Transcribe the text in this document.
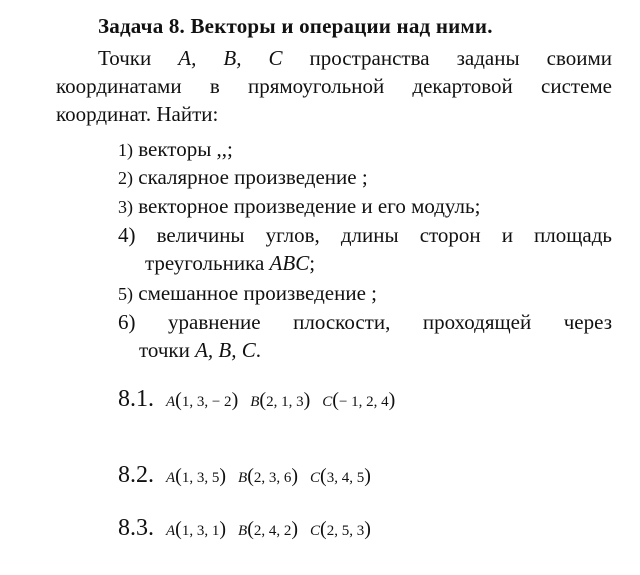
Задача 8. Векторы и операции над ними.
Точки A, B, C пространства заданы своими координатами в прямоугольной декартовой системе координат. Найти:
1) векторы ,,;
2) скалярное произведение ;
3) векторное произведение и его модуль;
4) величины углов, длины сторон и площадь
треугольника ABC;
5) смешанное произведение ;
6) уравнение плоскости, проходящей через
точки A, B, C.
8.1. A(1, 3, − 2) B(2, 1, 3) C(− 1, 2, 4)
8.2. A(1, 3, 5) B(2, 3, 6) C(3, 4, 5)
8.3. A(1, 3, 1) B(2, 4, 2) C(2, 5, 3)
